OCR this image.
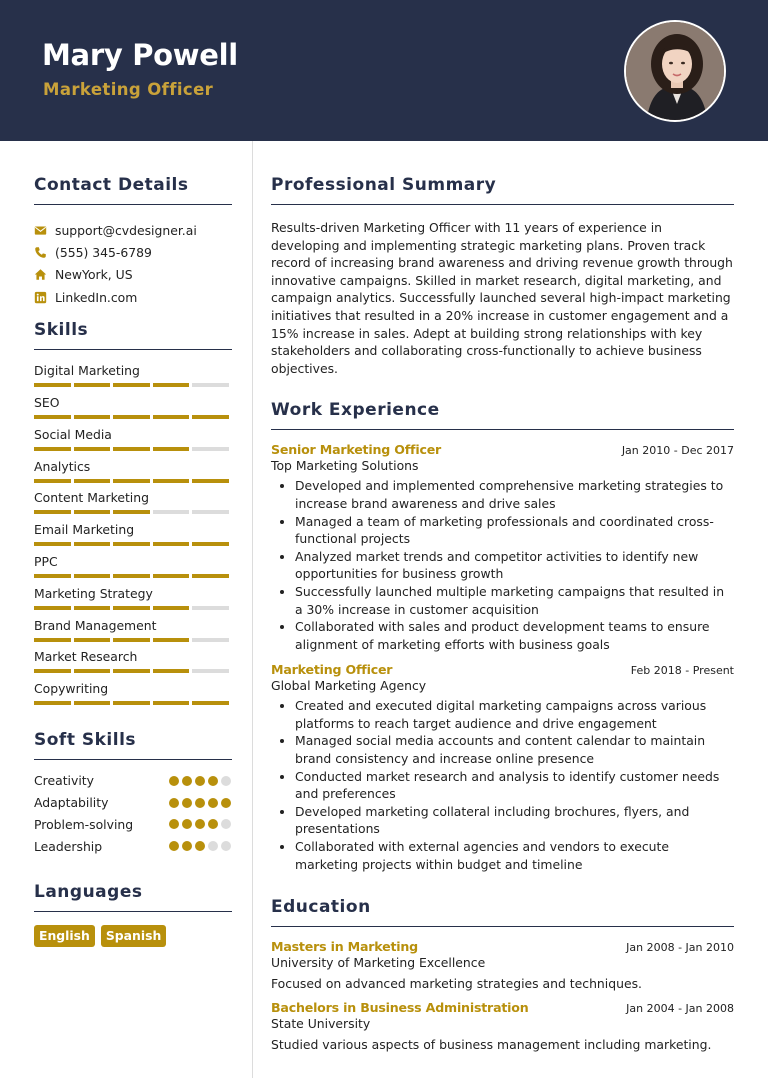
Mary Powell
Marketing Officer
Contact Details
support@cvdesigner.ai
(555) 345-6789
NewYork, US
LinkedIn.com
Skills
Digital Marketing
SEO
Social Media
Analytics
Content Marketing
Email Marketing
PPC
Marketing Strategy
Brand Management
Market Research
Copywriting
Soft Skills
Creativity
Adaptability
Problem-solving
Leadership
Languages
English	Spanish
Professional Summary
Results-driven Marketing Officer with 11 years of experience in developing and implementing strategic marketing plans. Proven track record of increasing brand awareness and driving revenue growth through innovative campaigns. Skilled in market research, digital marketing, and campaign analytics. Successfully launched several high-impact marketing initiatives that resulted in a 20% increase in customer engagement and a 15% increase in sales. Adept at building strong relationships with key stakeholders and collaborating cross-functionally to achieve business objectives.
Work Experience
Senior Marketing Officer	Jan 2010 - Dec 2017
Top Marketing Solutions
• Developed and implemented comprehensive marketing strategies to increase brand awareness and drive sales
• Managed a team of marketing professionals and coordinated cross-functional projects
• Analyzed market trends and competitor activities to identify new opportunities for business growth
• Successfully launched multiple marketing campaigns that resulted in a 30% increase in customer acquisition
• Collaborated with sales and product development teams to ensure alignment of marketing efforts with business goals
Marketing Officer	Feb 2018 - Present
Global Marketing Agency
• Created and executed digital marketing campaigns across various platforms to reach target audience and drive engagement
• Managed social media accounts and content calendar to maintain brand consistency and increase online presence
• Conducted market research and analysis to identify customer needs and preferences
• Developed marketing collateral including brochures, flyers, and presentations
• Collaborated with external agencies and vendors to execute marketing projects within budget and timeline
Education
Masters in Marketing	Jan 2008 - Jan 2010
University of Marketing Excellence
Focused on advanced marketing strategies and techniques.
Bachelors in Business Administration	Jan 2004 - Jan 2008
State University
Studied various aspects of business management including marketing.
